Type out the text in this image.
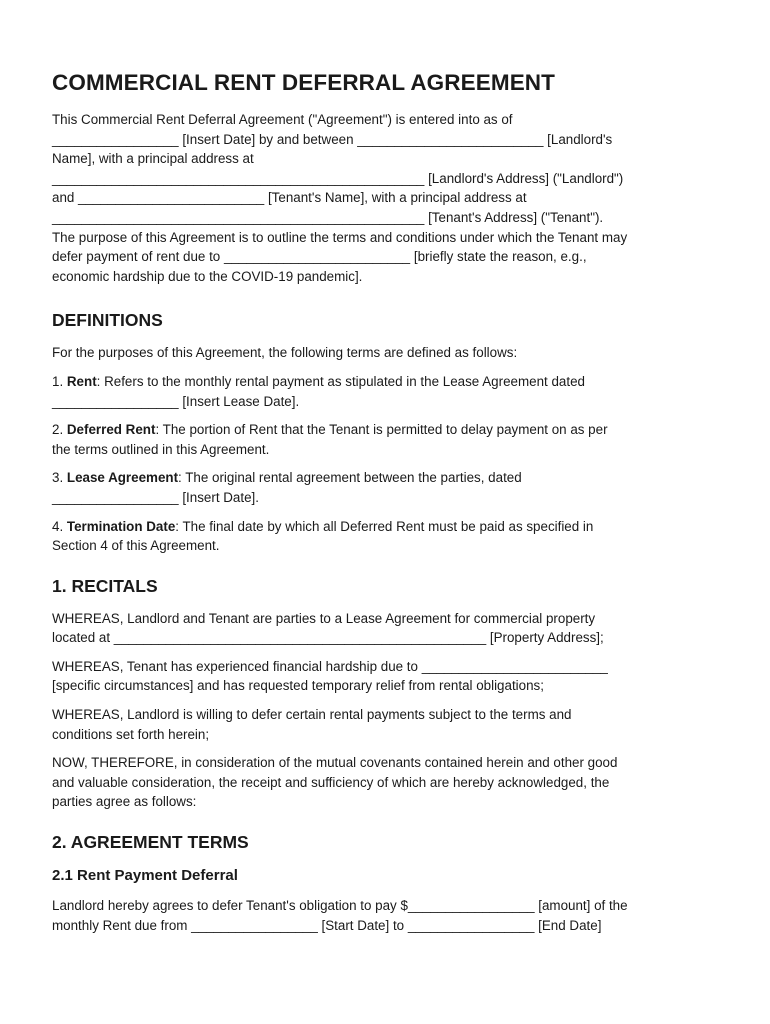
COMMERCIAL RENT DEFERRAL AGREEMENT

This Commercial Rent Deferral Agreement ("Agreement") is entered into as of

_________________ [Insert Date] by and between _________________________ [Landlord's

Name], with a principal address at

__________________________________________________ [Landlord's Address] ("Landlord")

and _________________________ [Tenant's Name], with a principal address at

__________________________________________________ [Tenant's Address] ("Tenant").

The purpose of this Agreement is to outline the terms and conditions under which the Tenant may

defer payment of rent due to _________________________ [briefly state the reason, e.g.,

economic hardship due to the COVID-19 pandemic].

DEFINITIONS

For the purposes of this Agreement, the following terms are defined as follows:

1. Rent: Refers to the monthly rental payment as stipulated in the Lease Agreement dated

_________________ [Insert Lease Date].

2. Deferred Rent: The portion of Rent that the Tenant is permitted to delay payment on as per

the terms outlined in this Agreement.

3. Lease Agreement: The original rental agreement between the parties, dated

_________________ [Insert Date].

4. Termination Date: The final date by which all Deferred Rent must be paid as specified in

Section 4 of this Agreement.

1. RECITALS

WHEREAS, Landlord and Tenant are parties to a Lease Agreement for commercial property

located at __________________________________________________ [Property Address];

WHEREAS, Tenant has experienced financial hardship due to _________________________

[specific circumstances] and has requested temporary relief from rental obligations;

WHEREAS, Landlord is willing to defer certain rental payments subject to the terms and

conditions set forth herein;

NOW, THEREFORE, in consideration of the mutual covenants contained herein and other good

and valuable consideration, the receipt and sufficiency of which are hereby acknowledged, the

parties agree as follows:

2. AGREEMENT TERMS
2.1 Rent Payment Deferral

Landlord hereby agrees to defer Tenant's obligation to pay $_________________ [amount] of the

monthly Rent due from _________________ [Start Date] to _________________ [End Date]
